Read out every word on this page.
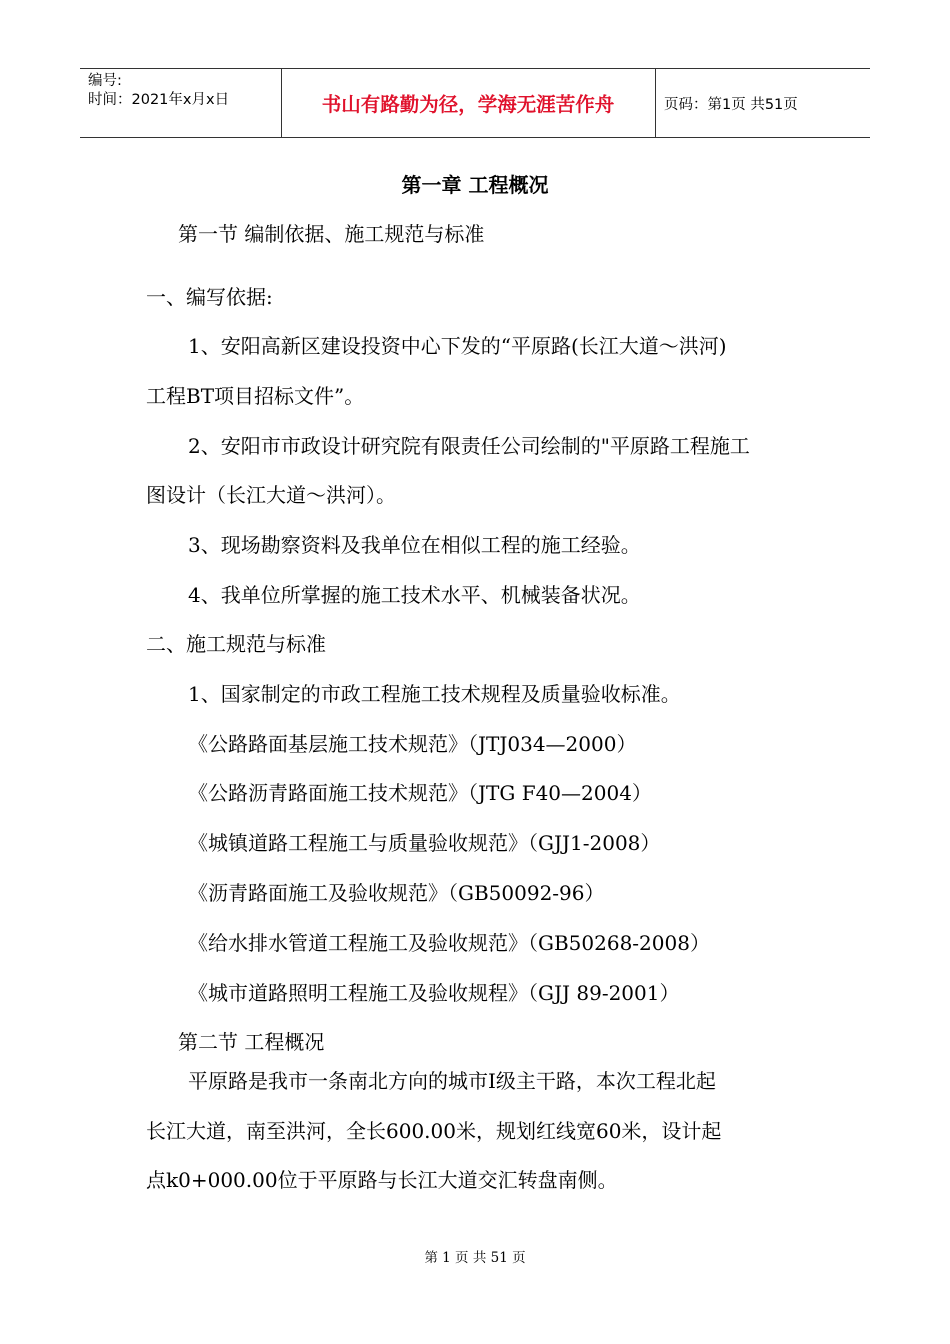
编号:
时间：2021年x月x日	书山有路勤为径，学海无涯苦作舟	页码：第1页 共51页
第一章 工程概况
第一节 编制依据、施工规范与标准
一、编写依据:
1、安阳高新区建设投资中心下发的“平原路(长江大道～洪河)
工程BT项目招标文件”。
2、安阳市市政设计研究院有限责任公司绘制的"平原路工程施工
图设计（长江大道～洪河）。
3、现场勘察资料及我单位在相似工程的施工经验。
4、我单位所掌握的施工技术水平、机械装备状况。
二、施工规范与标准
1、国家制定的市政工程施工技术规程及质量验收标准。
《公路路面基层施工技术规范》（JTJ034—2000）
《公路沥青路面施工技术规范》（JTG F40—2004）
《城镇道路工程施工与质量验收规范》（GJJ1-2008）
《沥青路面施工及验收规范》（GB50092-96）
《给水排水管道工程施工及验收规范》（GB50268-2008）
《城市道路照明工程施工及验收规程》（GJJ 89-2001）
第二节 工程概况
平原路是我市一条南北方向的城市Ⅰ级主干路，本次工程北起
长江大道，南至洪河，全长600.00米，规划红线宽60米，设计起
点k0+000.00位于平原路与长江大道交汇转盘南侧。
第 1 页 共 51 页
